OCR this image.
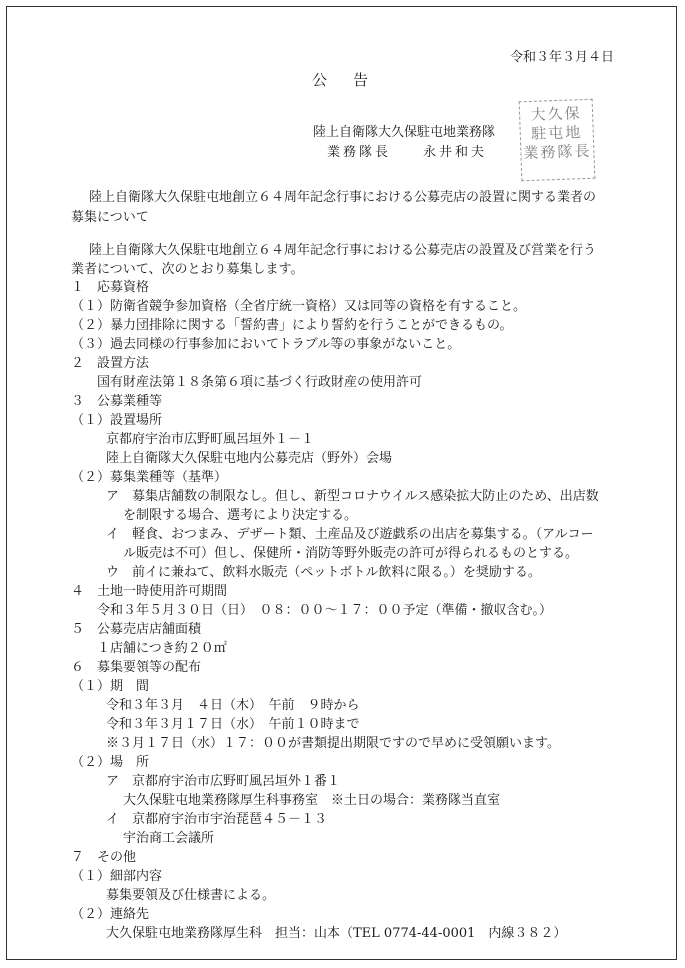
令和３年３月４日
公告
陸上自衛隊大久保駐屯地業務隊
業務隊長　　永井和夫
大久保
駐屯地
業務隊長
陸上自衛隊大久保駐屯地創立６４周年記念行事における公募売店の設置に関する業者の
募集について
陸上自衛隊大久保駐屯地創立６４周年記念行事における公募売店の設置及び営業を行う
業者について、次のとおり募集します。
１　応募資格
（１）防衛省競争参加資格（全省庁統一資格）又は同等の資格を有すること。
（２）暴力団排除に関する「誓約書」により誓約を行うことができるもの。
（３）過去同様の行事参加においてトラブル等の事象がないこと。
２　設置方法
国有財産法第１８条第６項に基づく行政財産の使用許可
３　公募業種等
（１）設置場所
京都府宇治市広野町風呂垣外１－１
陸上自衛隊大久保駐屯地内公募売店（野外）会場
（２）募集業種等（基準）
ア　募集店舗数の制限なし。但し、新型コロナウイルス感染拡大防止のため、出店数
を制限する場合、選考により決定する。
イ　軽食、おつまみ、デザート類、土産品及び遊戯系の出店を募集する。（アルコー
ル販売は不可）但し、保健所・消防等野外販売の許可が得られるものとする。
ウ　前イに兼ねて、飲料水販売（ペットボトル飲料に限る。）を奨励する。
４　土地一時使用許可期間
令和３年５月３０日（日）　０８：００～１７：００予定（準備・撤収含む。）
５　公募売店店舗面積
１店舗につき約２０㎡
６　募集要領等の配布
（１）期　間
令和３年３月　４日（木）　午前　９時から
令和３年３月１７日（水）　午前１０時まで
※３月１７日（水）１７：００が書類提出期限ですので早めに受領願います。
（２）場　所
ア　京都府宇治市広野町風呂垣外１番１
大久保駐屯地業務隊厚生科事務室　※土日の場合：業務隊当直室
イ　京都府宇治市宇治琵琶４５－１３
宇治商工会議所
７　その他
（１）細部内容
募集要領及び仕様書による。
（２）連絡先
大久保駐屯地業務隊厚生科　担当：山本（TEL 0774-44-0001　内線３８２）
